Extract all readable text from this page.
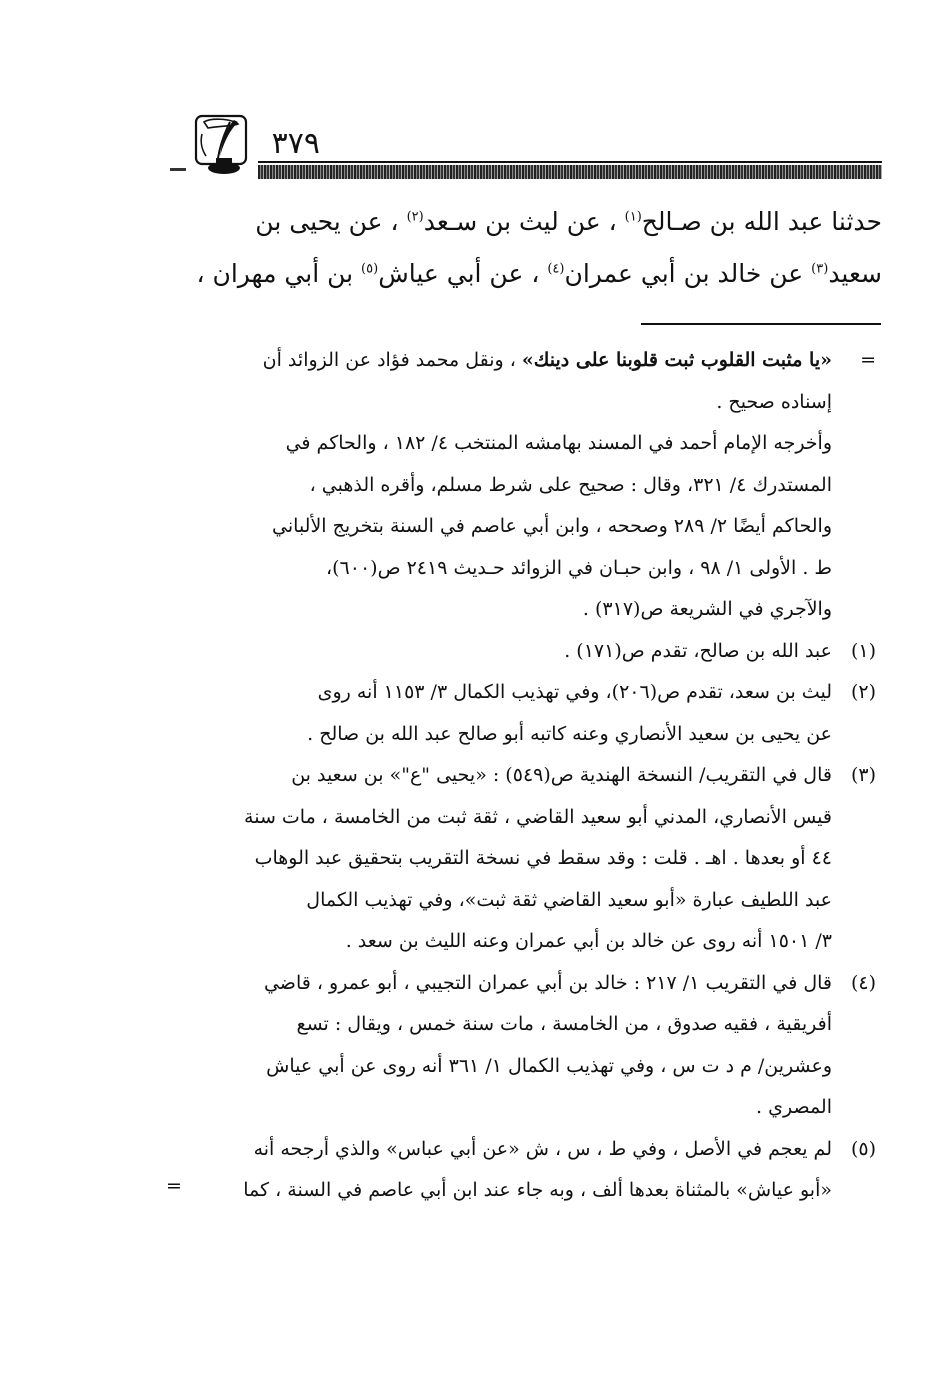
٣٧٩

حدثنا عبد الله بن صـالح$^{(١)}$ ، عن ليث بن سـعد$^{(٢)}$ ، عن يحيى بن

سعيد$^{(٣)}$ عن خالد بن أبي عمران$^{(٤)}$ ، عن أبي عياش$^{(٥)}$ بن أبي مهران ،

=

«يا مثبت القلوب ثبت قلوبنا على دينك» ، ونقل محمد فؤاد عن الزوائد أن

إسناده صحيح .

وأخرجه الإمام أحمد في المسند بهامشه المنتخب ٤/ ١٨٢ ، والحاكم في

المستدرك ٤/ ٣٢١، وقال : صحيح على شرط مسلم، وأقره الذهبي ،

والحاكم أيضًا ٢/ ٢٨٩ وصححه ، وابن أبي عاصم في السنة بتخريج الألباني

ط . الأولى ١/ ٩٨ ، وابن حبـان في الزوائد حـديث ٢٤١٩ ص(٦٠٠)،

والآجري في الشريعة ص(٣١٧) .

(١)

عبد الله بن صالح، تقدم ص(١٧١) .

(٢)

ليث بن سعد، تقدم ص(٢٠٦)، وفي تهذيب الكمال ٣/ ١١٥٣ أنه روى

عن يحيى بن سعيد الأنصاري وعنه كاتبه أبو صالح عبد الله بن صالح .

(٣)

قال في التقريب/ النسخة الهندية ص(٥٤٩) : «يحيى "ع"» بن سعيد بن

قيس الأنصاري، المدني أبو سعيد القاضي ، ثقة ثبت من الخامسة ، مات سنة

٤٤ أو بعدها . اهـ . قلت : وقد سقط في نسخة التقريب بتحقيق عبد الوهاب

عبد اللطيف عبارة «أبو سعيد القاضي ثقة ثبت»، وفي تهذيب الكمال

٣/ ١٥٠١ أنه روى عن خالد بن أبي عمران وعنه الليث بن سعد .

(٤)

قال في التقريب ١/ ٢١٧ : خالد بن أبي عمران التجيبي ، أبو عمرو ، قاضي

أفريقية ، فقيه صدوق ، من الخامسة ، مات سنة خمس ، ويقال : تسع

وعشرين/ م د ت س ، وفي تهذيب الكمال ١/ ٣٦١ أنه روى عن أبي عياش

المصري .

(٥)

لم يعجم في الأصل ، وفي ط ، س ، ش «عن أبي عباس» والذي أرجحه أنه

«أبو عياش» بالمثناة بعدها ألف ، وبه جاء عند ابن أبي عاصم في السنة ، كما

=
